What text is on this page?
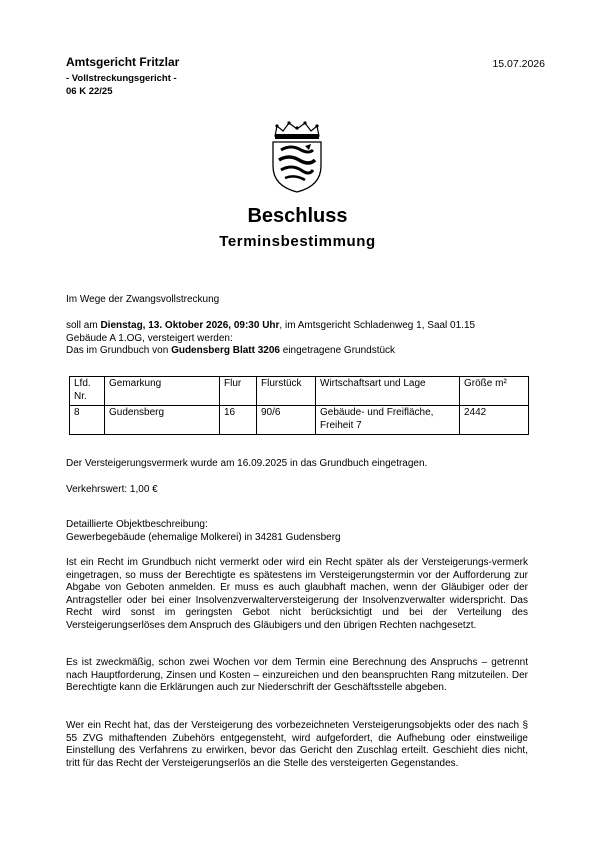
Amtsgericht Fritzlar
- Vollstreckungsgericht -
06 K 22/25
15.07.2026
Beschluss
Terminsbestimmung
Im Wege der Zwangsvollstreckung
soll am Dienstag, 13. Oktober 2026, 09:30 Uhr, im Amtsgericht Schladenweg 1, Saal 01.15
Gebäude A 1.OG, versteigert werden:
Das im Grundbuch von Gudensberg Blatt 3206 eingetragene Grundstück
Lfd. Nr.	Gemarkung	Flur	Flurstück	Wirtschaftsart und Lage	Größe m²
8	Gudensberg	16	90/6	Gebäude- und Freifläche, Freiheit 7	2442
Der Versteigerungsvermerk wurde am 16.09.2025 in das Grundbuch eingetragen.
Verkehrswert: 1,00 €
Detaillierte Objektbeschreibung:
Gewerbegebäude (ehemalige Molkerei) in 34281 Gudensberg
Ist ein Recht im Grundbuch nicht vermerkt oder wird ein Recht später als der Versteigerungs-vermerk eingetragen, so muss der Berechtigte es spätestens im Versteigerungstermin vor der Aufforderung zur Abgabe von Geboten anmelden. Er muss es auch glaubhaft machen, wenn der Gläubiger oder der Antragsteller oder bei einer Insolvenzverwalterversteigerung der Insolvenzverwalter widerspricht. Das Recht wird sonst im geringsten Gebot nicht berücksichtigt und bei der Verteilung des Versteigerungserlöses dem Anspruch des Gläubigers und den übrigen Rechten nachgesetzt.
Es ist zweckmäßig, schon zwei Wochen vor dem Termin eine Berechnung des Anspruchs – getrennt nach Hauptforderung, Zinsen und Kosten – einzureichen und den beanspruchten Rang mitzuteilen. Der Berechtigte kann die Erklärungen auch zur Niederschrift der Geschäftsstelle abgeben.
Wer ein Recht hat, das der Versteigerung des vorbezeichneten Versteigerungsobjekts oder des nach § 55 ZVG mithaftenden Zubehörs entgegensteht, wird aufgefordert, die Aufhebung oder einstweilige Einstellung des Verfahrens zu erwirken, bevor das Gericht den Zuschlag erteilt. Geschieht dies nicht, tritt für das Recht der Versteigerungserlös an die Stelle des versteigerten Gegenstandes.
